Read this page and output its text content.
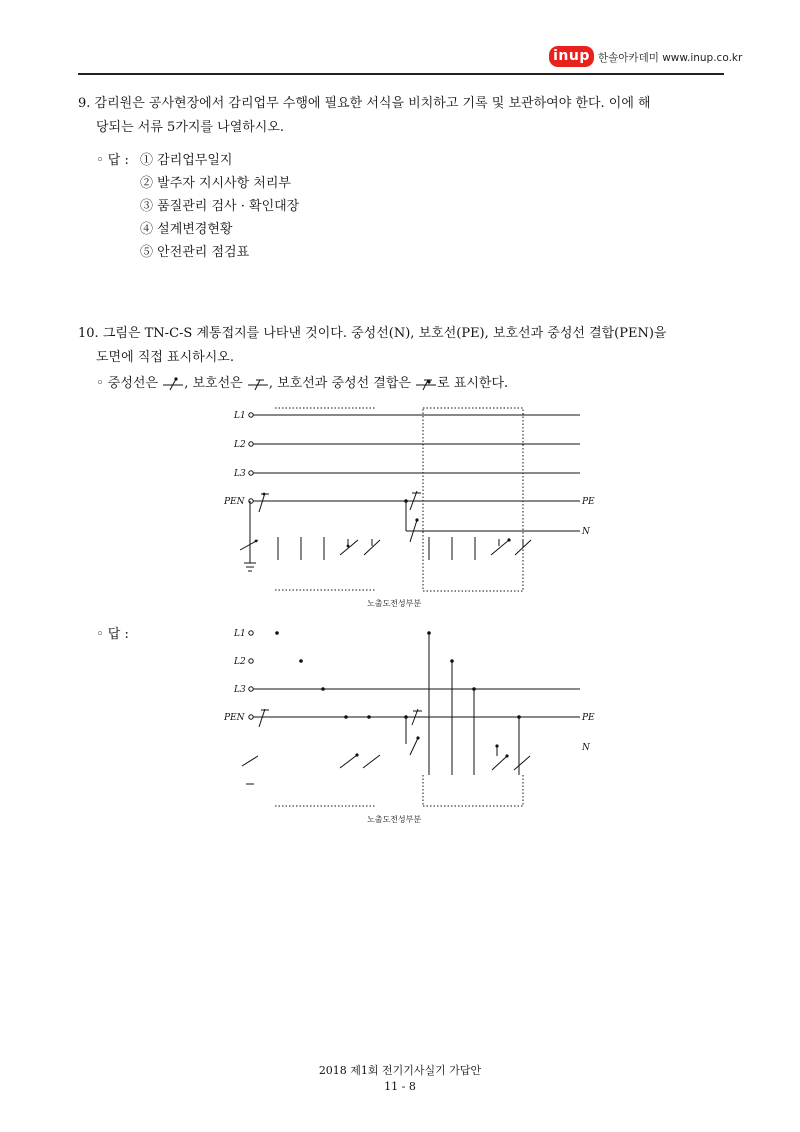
inup 한솔아카데미 www.inup.co.kr
9. 감리원은 공사현장에서 감리업무 수행에 필요한 서식을 비치하고 기록 및 보관하여야 한다. 이에 해
당되는 서류 5가지를 나열하시오.
◦ 답 : ① 감리업무일지
② 발주자 지시사항 처리부
③ 품질관리 검사 · 확인대장
④ 설계변경현황
⑤ 안전관리 점검표
10. 그림은 TN-C-S 계통접지를 나타낸 것이다. 중성선(N), 보호선(PE), 보호선과 중성선 결합(PEN)을
도면에 직접 표시하시오.
◦ 중성선은 , 보호선은 , 보호선과 중성선 결합은 로 표시한다.
L1
L2
L3
PEN	PE
N
노출도전성부분
◦ 답 :	L1
L2
L3
PEN	PE
N
노출도전성부분
2018 제1회 전기기사실기 가답안
11 - 8
